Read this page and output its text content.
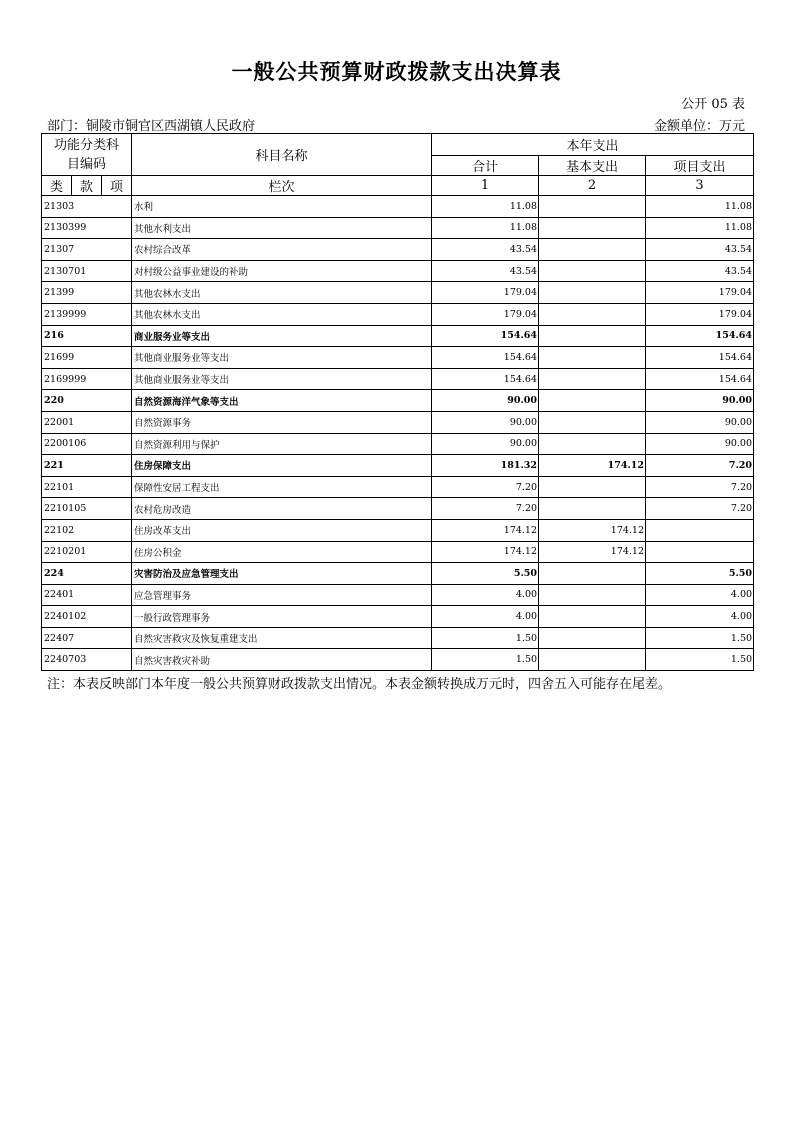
一般公共预算财政拨款支出决算表
公开 05 表
部门：铜陵市铜官区西湖镇人民政府	金额单位：万元
功能分类科目编码			科目名称	本年支出		
				合计	基本支出	项目支出
类	款	项	栏次	1	2	3
21303			水利	11.08		11.08
2130399			其他水利支出	11.08		11.08
21307			农村综合改革	43.54		43.54
2130701			对村级公益事业建设的补助	43.54		43.54
21399			其他农林水支出	179.04		179.04
2139999			其他农林水支出	179.04		179.04
216			商业服务业等支出	154.64		154.64
21699			其他商业服务业等支出	154.64		154.64
2169999			其他商业服务业等支出	154.64		154.64
220			自然资源海洋气象等支出	90.00		90.00
22001			自然资源事务	90.00		90.00
2200106			自然资源利用与保护	90.00		90.00
221			住房保障支出	181.32	174.12	7.20
22101			保障性安居工程支出	7.20		7.20
2210105			农村危房改造	7.20		7.20
22102			住房改革支出	174.12	174.12	
2210201			住房公积金	174.12	174.12	
224			灾害防治及应急管理支出	5.50		5.50
22401			应急管理事务	4.00		4.00
2240102			一般行政管理事务	4.00		4.00
22407			自然灾害救灾及恢复重建支出	1.50		1.50
2240703			自然灾害救灾补助	1.50		1.50
注：本表反映部门本年度一般公共预算财政拨款支出情况。本表金额转换成万元时，四舍五入可能存在尾差。
